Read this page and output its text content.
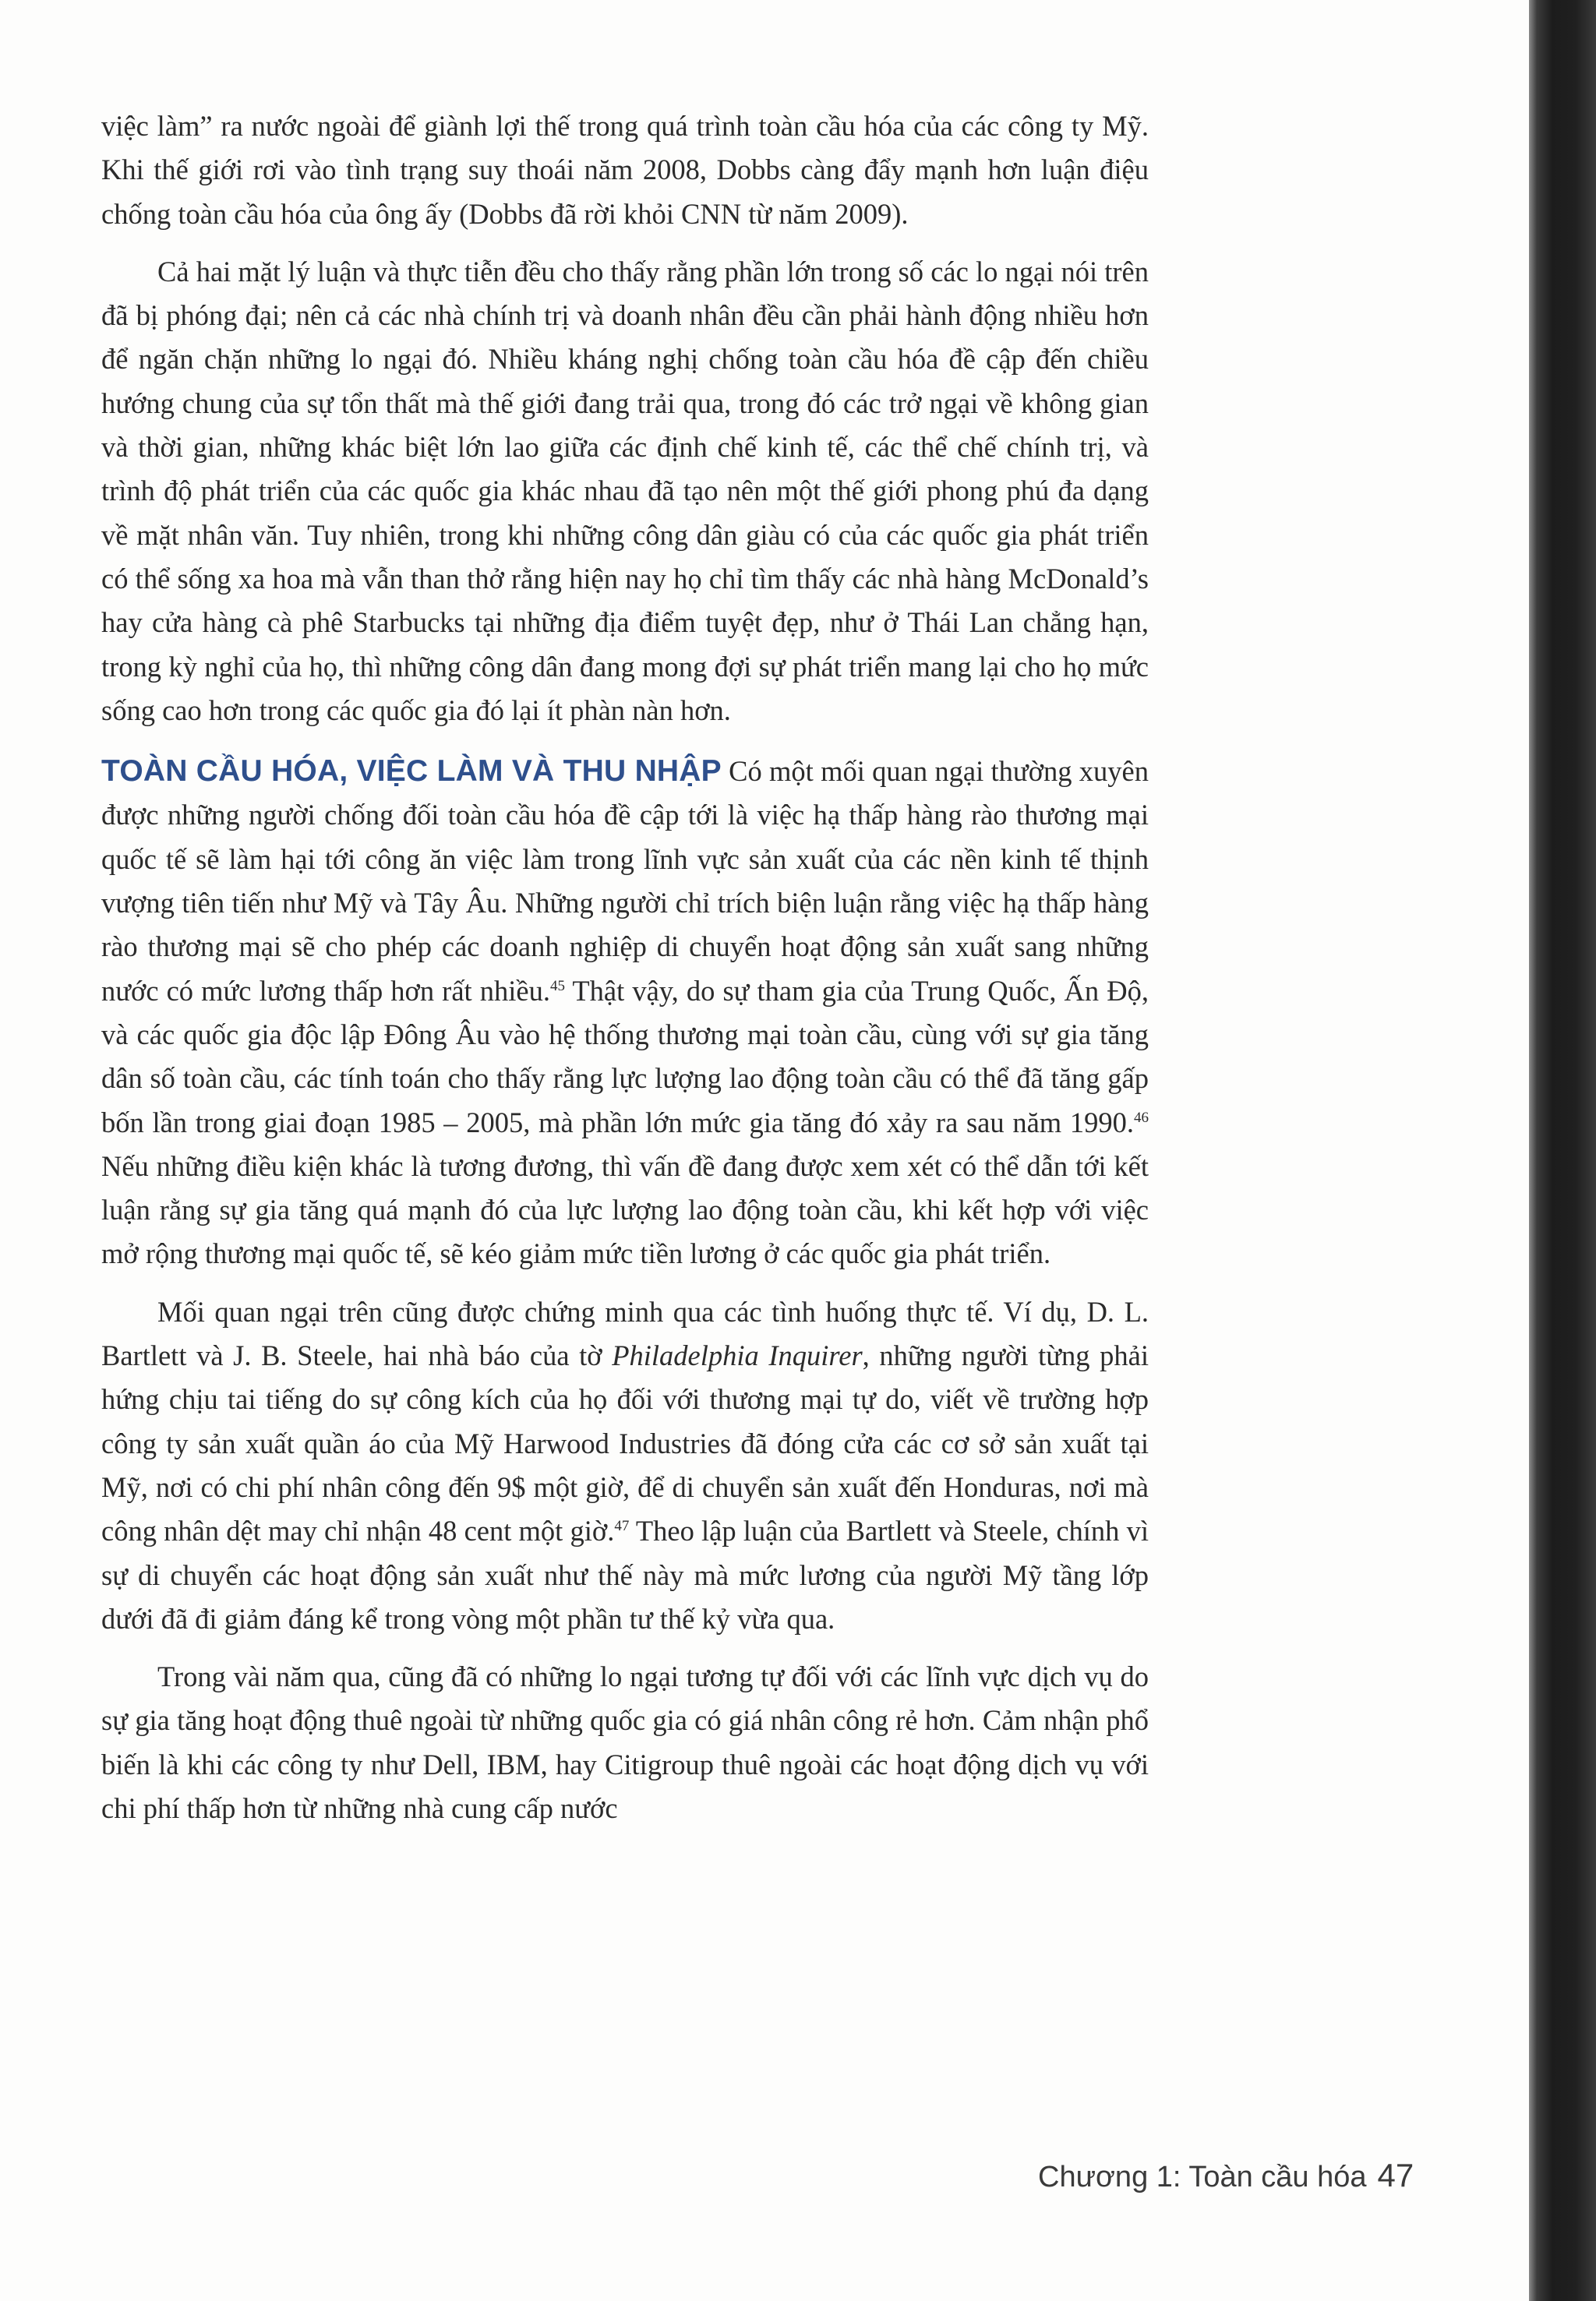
việc làm” ra nước ngoài để giành lợi thế trong quá trình toàn cầu hóa của các công ty Mỹ. Khi thế giới rơi vào tình trạng suy thoái năm 2008, Dobbs càng đẩy mạnh hơn luận điệu chống toàn cầu hóa của ông ấy (Dobbs đã rời khỏi CNN từ năm 2009).

Cả hai mặt lý luận và thực tiễn đều cho thấy rằng phần lớn trong số các lo ngại nói trên đã bị phóng đại; nên cả các nhà chính trị và doanh nhân đều cần phải hành động nhiều hơn để ngăn chặn những lo ngại đó. Nhiều kháng nghị chống toàn cầu hóa đề cập đến chiều hướng chung của sự tổn thất mà thế giới đang trải qua, trong đó các trở ngại về không gian và thời gian, những khác biệt lớn lao giữa các định chế kinh tế, các thể chế chính trị, và trình độ phát triển của các quốc gia khác nhau đã tạo nên một thế giới phong phú đa dạng về mặt nhân văn. Tuy nhiên, trong khi những công dân giàu có của các quốc gia phát triển có thể sống xa hoa mà vẫn than thở rằng hiện nay họ chỉ tìm thấy các nhà hàng McDonald’s hay cửa hàng cà phê Starbucks tại những địa điểm tuyệt đẹp, như ở Thái Lan chẳng hạn, trong kỳ nghỉ của họ, thì những công dân đang mong đợi sự phát triển mang lại cho họ mức sống cao hơn trong các quốc gia đó lại ít phàn nàn hơn.

TOÀN CẦU HÓA, VIỆC LÀM VÀ THU NHẬP Có một mối quan ngại thường xuyên được những người chống đối toàn cầu hóa đề cập tới là việc hạ thấp hàng rào thương mại quốc tế sẽ làm hại tới công ăn việc làm trong lĩnh vực sản xuất của các nền kinh tế thịnh vượng tiên tiến như Mỹ và Tây Âu. Những người chỉ trích biện luận rằng việc hạ thấp hàng rào thương mại sẽ cho phép các doanh nghiệp di chuyển hoạt động sản xuất sang những nước có mức lương thấp hơn rất nhiều.$^{45}$ Thật vậy, do sự tham gia của Trung Quốc, Ấn Độ, và các quốc gia độc lập Đông Âu vào hệ thống thương mại toàn cầu, cùng với sự gia tăng dân số toàn cầu, các tính toán cho thấy rằng lực lượng lao động toàn cầu có thể đã tăng gấp bốn lần trong giai đoạn 1985 – 2005, mà phần lớn mức gia tăng đó xảy ra sau năm 1990.46 Nếu những điều kiện khác là tương đương, thì vấn đề đang được xem xét có thể dẫn tới kết luận rằng sự gia tăng quá mạnh đó của lực lượng lao động toàn cầu, khi kết hợp với việc mở rộng thương mại quốc tế, sẽ kéo giảm mức tiền lương ở các quốc gia phát triển.

Mối quan ngại trên cũng được chứng minh qua các tình huống thực tế. Ví dụ, D. L. Bartlett và J. B. Steele, hai nhà báo của tờ Philadelphia Inquirer, những người từng phải hứng chịu tai tiếng do sự công kích của họ đối với thương mại tự do, viết về trường hợp công ty sản xuất quần áo của Mỹ Harwood Industries đã đóng cửa các cơ sở sản xuất tại Mỹ, nơi có chi phí nhân công đến 9$ một giờ, để di chuyển sản xuất đến Honduras, nơi mà công nhân dệt may chỉ nhận 48 cent một giờ.$^{47}$ Theo lập luận của Bartlett và Steele, chính vì sự di chuyển các hoạt động sản xuất như thế này mà mức lương của người Mỹ tầng lớp dưới đã đi giảm đáng kể trong vòng một phần tư thế kỷ vừa qua.

Trong vài năm qua, cũng đã có những lo ngại tương tự đối với các lĩnh vực dịch vụ do sự gia tăng hoạt động thuê ngoài từ những quốc gia có giá nhân công rẻ hơn. Cảm nhận phổ biến là khi các công ty như Dell, IBM, hay Citigroup thuê ngoài các hoạt động dịch vụ với chi phí thấp hơn từ những nhà cung cấp nước

Chương 1: Toàn cầu hóa 47
